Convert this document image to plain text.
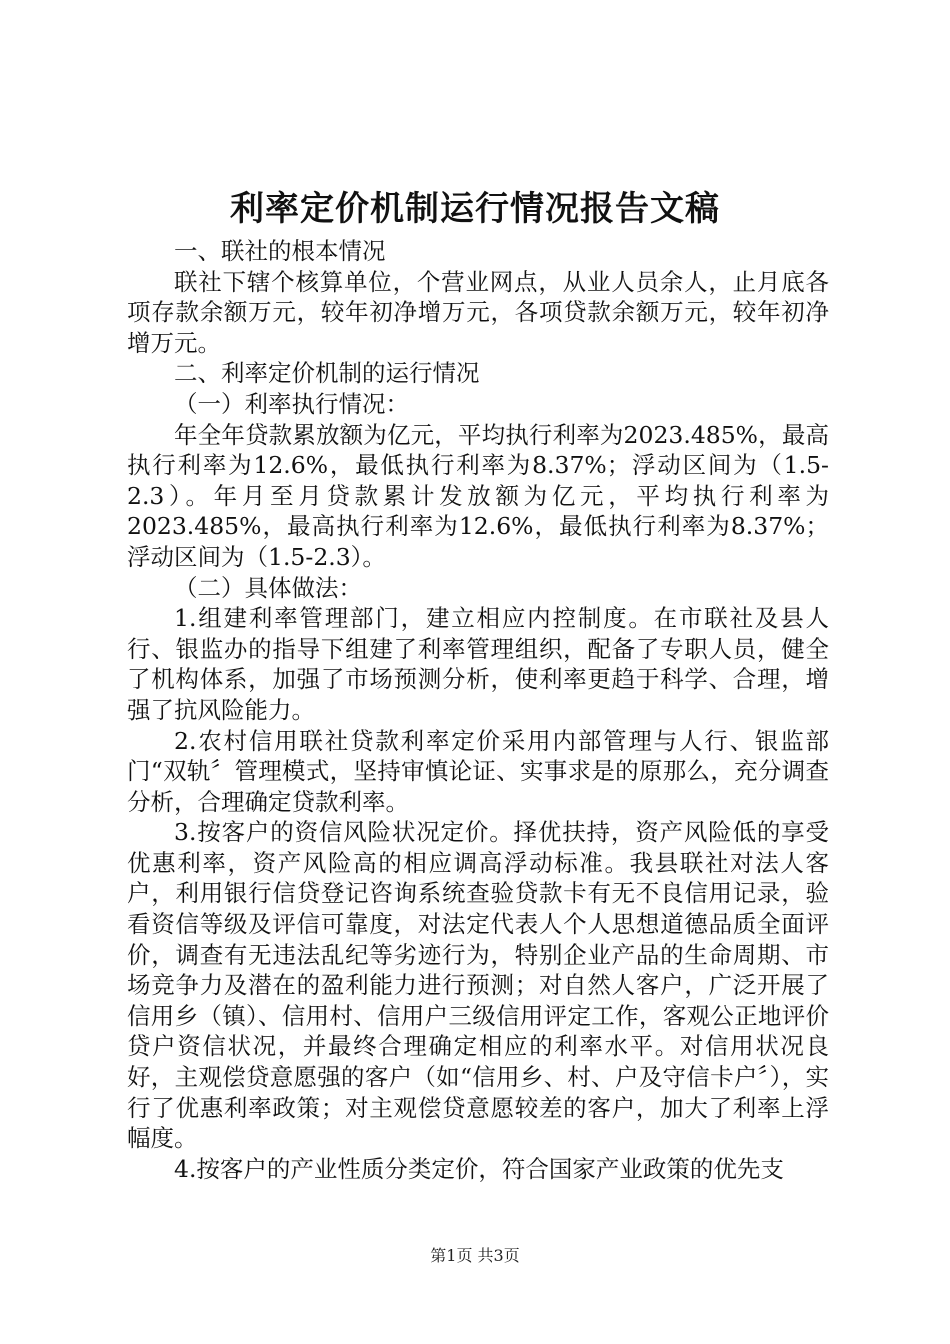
利率定价机制运行情况报告文稿

一、联社的根本情况

联社下辖个核算单位，个营业网点，从业人员余人，止月底各项存款余额万元，较年初净增万元，各项贷款余额万元，较年初净增万元。

二、利率定价机制的运行情况

（一）利率执行情况：

年全年贷款累放额为亿元，平均执行利率为2023.485%，最高执行利率为12.6%，最低执行利率为8.37%；浮动区间为（1.5-2.3）。年月至月贷款累计发放额为亿元，平均执行利率为2023.485%，最高执行利率为12.6%，最低执行利率为8.37%；浮动区间为（1.5-2.3）。

（二）具体做法：

1.组建利率管理部门，建立相应内控制度。在市联社及县人行、银监办的指导下组建了利率管理组织，配备了专职人员，健全了机构体系，加强了市场预测分析，使利率更趋于科学、合理，增强了抗风险能力。

2.农村信用联社贷款利率定价采用内部管理与人行、银监部门“双轨〞管理模式，坚持审慎论证、实事求是的原那么，充分调查分析，合理确定贷款利率。

3.按客户的资信风险状况定价。择优扶持，资产风险低的享受优惠利率，资产风险高的相应调高浮动标准。我县联社对法人客户，利用银行信贷登记咨询系统查验贷款卡有无不良信用记录，验看资信等级及评信可靠度，对法定代表人个人思想道德品质全面评价，调查有无违法乱纪等劣迹行为，特别企业产品的生命周期、市场竞争力及潜在的盈利能力进行预测；对自然人客户，广泛开展了信用乡（镇）、信用村、信用户三级信用评定工作，客观公正地评价贷户资信状况，并最终合理确定相应的利率水平。对信用状况良好，主观偿贷意愿强的客户（如“信用乡、村、户及守信卡户〞），实行了优惠利率政策；对主观偿贷意愿较差的客户，加大了利率上浮幅度。

4.按客户的产业性质分类定价，符合国家产业政策的优先支

第1页 共3页
